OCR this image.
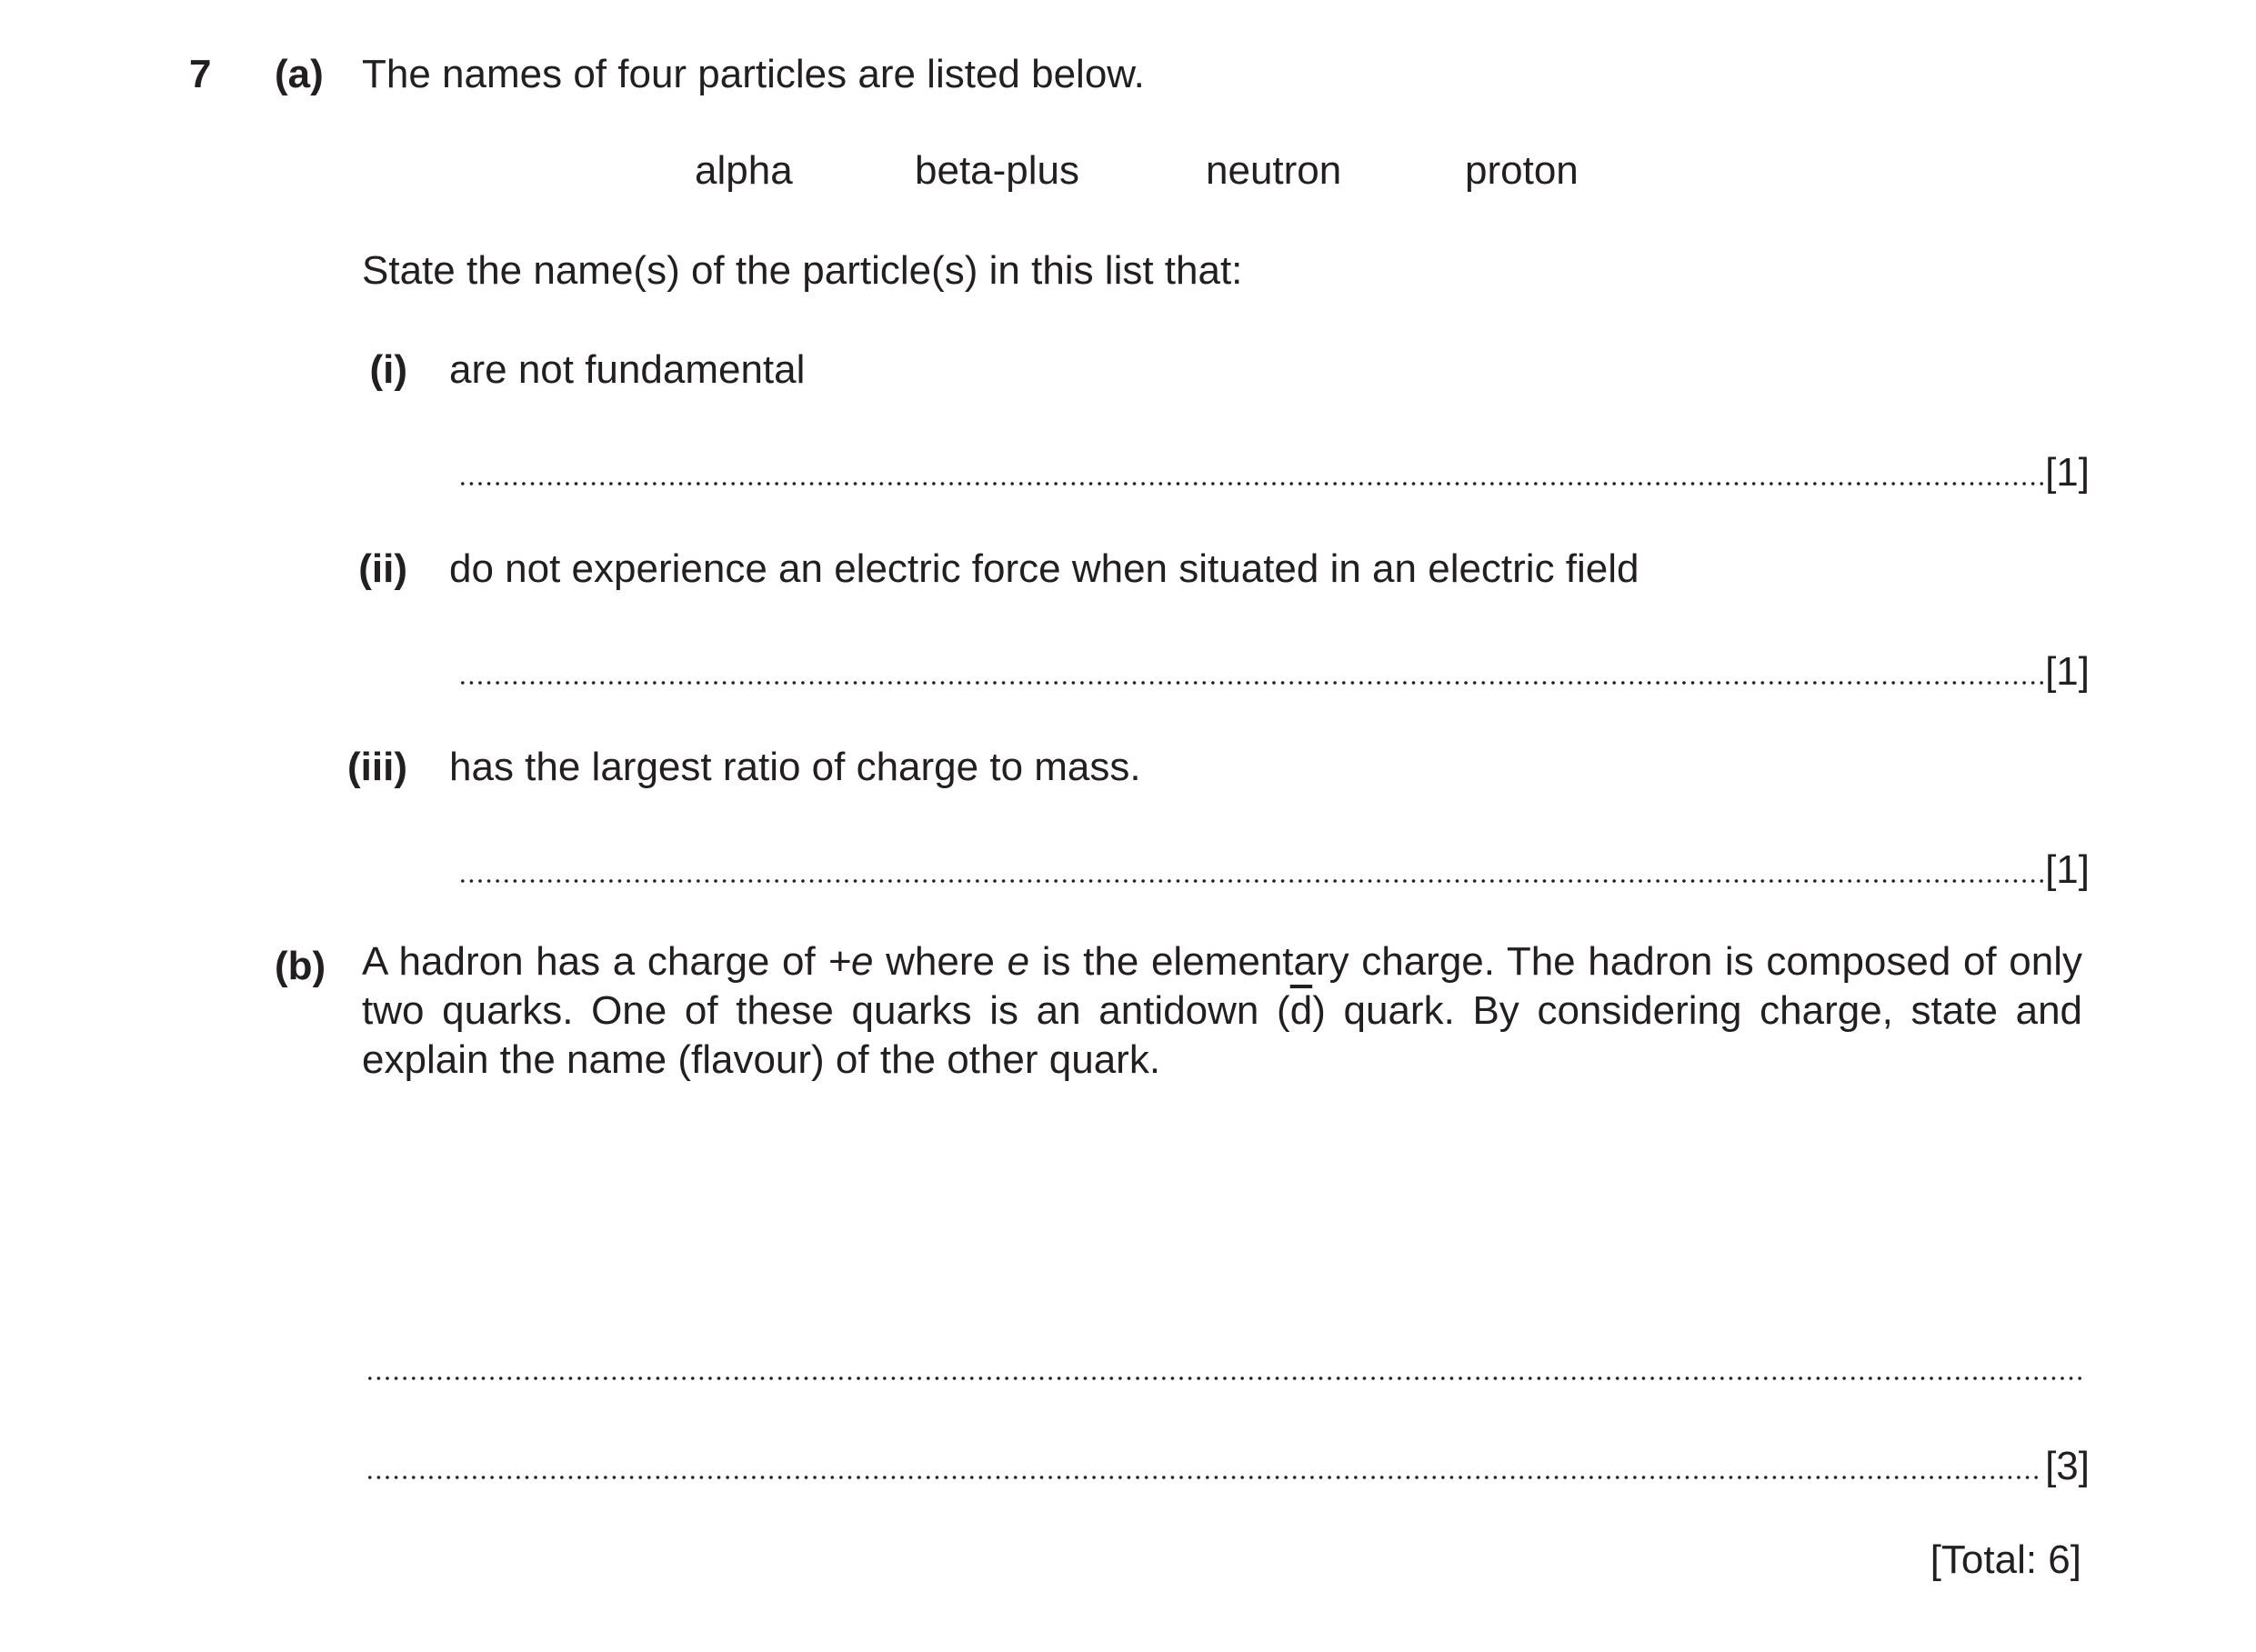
7 (a) The names of four particles are listed below.
alpha	beta-plus	neutron	proton
State the name(s) of the particle(s) in this list that:
(i) are not fundamental
[1]
(ii) do not experience an electric force when situated in an electric field
[1]
(iii) has the largest ratio of charge to mass.
[1]
(b) A hadron has a charge of +e where e is the elementary charge. The hadron is composed of only two quarks. One of these quarks is an antidown $(\overline{d})$ quark. By considering charge, state and explain the name (flavour) of the other quark.
[3]
[Total: 6]
